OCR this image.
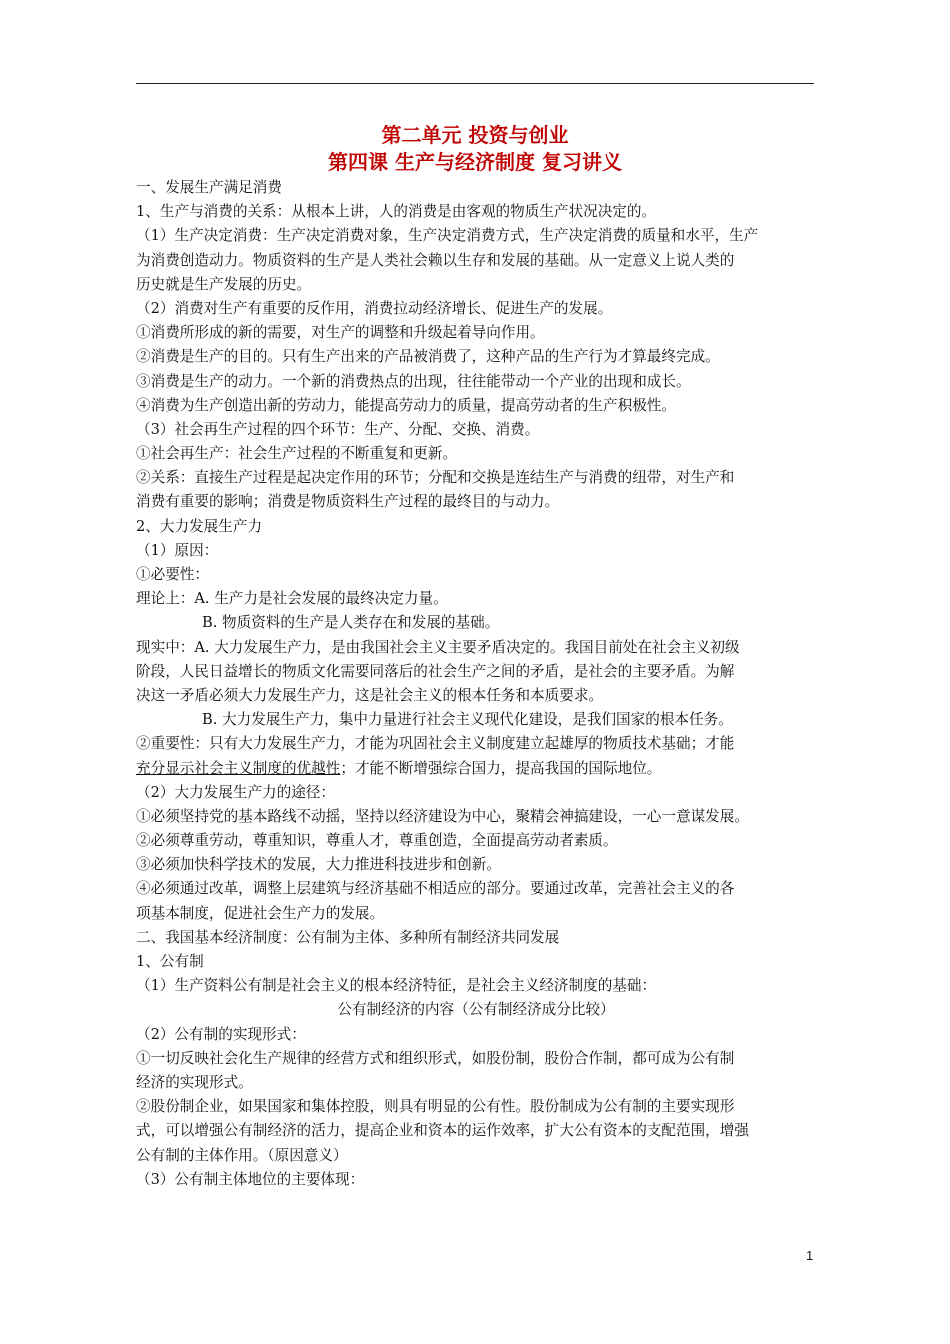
第二单元 投资与创业
第四课 生产与经济制度 复习讲义
一、发展生产满足消费
1、生产与消费的关系：从根本上讲，人的消费是由客观的物质生产状况决定的。
（1）生产决定消费：生产决定消费对象，生产决定消费方式，生产决定消费的质量和水平，生产
为消费创造动力。物质资料的生产是人类社会赖以生存和发展的基础。从一定意义上说人类的
历史就是生产发展的历史。
（2）消费对生产有重要的反作用，消费拉动经济增长、促进生产的发展。
①消费所形成的新的需要，对生产的调整和升级起着导向作用。
②消费是生产的目的。只有生产出来的产品被消费了，这种产品的生产行为才算最终完成。
③消费是生产的动力。一个新的消费热点的出现，往往能带动一个产业的出现和成长。
④消费为生产创造出新的劳动力，能提高劳动力的质量，提高劳动者的生产积极性。
（3）社会再生产过程的四个环节：生产、分配、交换、消费。
①社会再生产：社会生产过程的不断重复和更新。
②关系：直接生产过程是起决定作用的环节；分配和交换是连结生产与消费的纽带，对生产和
消费有重要的影响；消费是物质资料生产过程的最终目的与动力。
2、大力发展生产力
（1）原因：
①必要性：
理论上：A. 生产力是社会发展的最终决定力量。
B. 物质资料的生产是人类存在和发展的基础。
现实中：A. 大力发展生产力，是由我国社会主义主要矛盾决定的。我国目前处在社会主义初级
阶段，人民日益增长的物质文化需要同落后的社会生产之间的矛盾，是社会的主要矛盾。为解
决这一矛盾必须大力发展生产力，这是社会主义的根本任务和本质要求。
B. 大力发展生产力，集中力量进行社会主义现代化建设，是我们国家的根本任务。
②重要性：只有大力发展生产力，才能为巩固社会主义制度建立起雄厚的物质技术基础；才能
充分显示社会主义制度的优越性；才能不断增强综合国力，提高我国的国际地位。
（2）大力发展生产力的途径：
①必须坚持党的基本路线不动摇，坚持以经济建设为中心，聚精会神搞建设，一心一意谋发展。
②必须尊重劳动，尊重知识，尊重人才，尊重创造，全面提高劳动者素质。
③必须加快科学技术的发展，大力推进科技进步和创新。
④必须通过改革，调整上层建筑与经济基础不相适应的部分。要通过改革，完善社会主义的各
项基本制度，促进社会生产力的发展。
二、我国基本经济制度：公有制为主体、多种所有制经济共同发展
1、公有制
（1）生产资料公有制是社会主义的根本经济特征，是社会主义经济制度的基础：
公有制经济的内容（公有制经济成分比较）
（2）公有制的实现形式：
①一切反映社会化生产规律的经营方式和组织形式，如股份制，股份合作制，都可成为公有制
经济的实现形式。
②股份制企业，如果国家和集体控股，则具有明显的公有性。股份制成为公有制的主要实现形
式，可以增强公有制经济的活力，提高企业和资本的运作效率，扩大公有资本的支配范围，增强
公有制的主体作用。（原因意义）
（3）公有制主体地位的主要体现：
1
